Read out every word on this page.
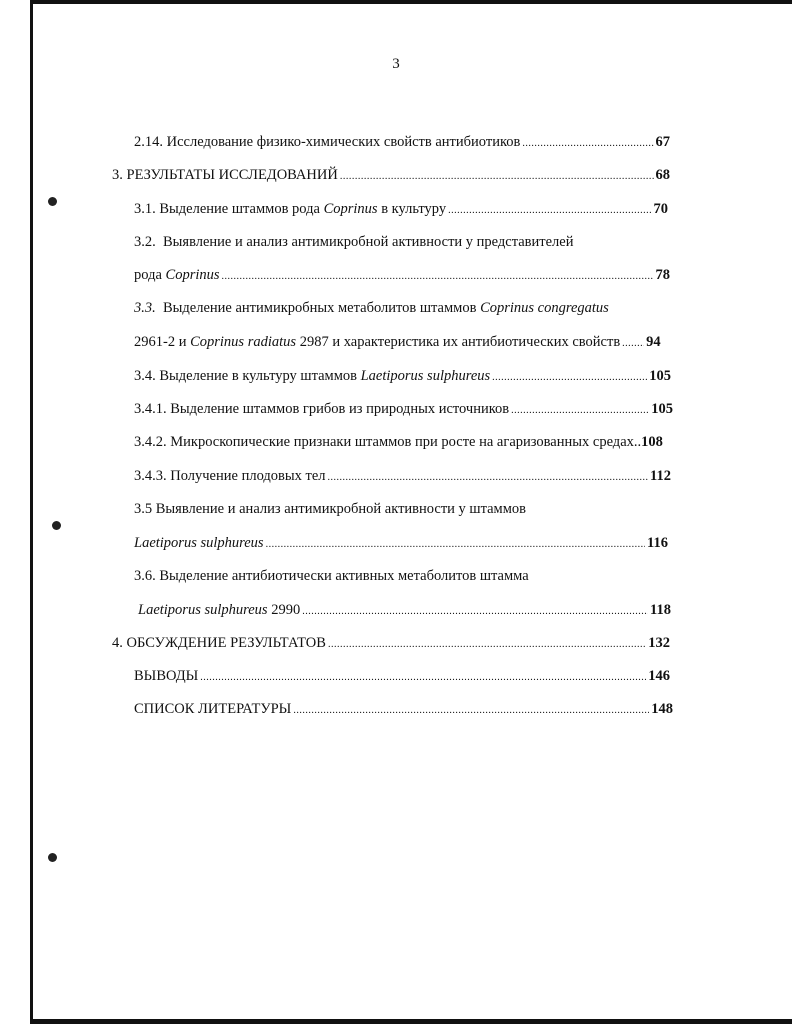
3
2.14. Исследование физико-химических свойств антибиотиков . . .	67
3. РЕЗУЛЬТАТЫ ИССЛЕДОВАНИЙ . . .	68
3.1. Выделение штаммов рода Coprinus в культуру . . .	70
3.2. Выявление и анализ антимикробной активности у представителей
рода Coprinus . . .	78
3.3. Выделение антимикробных метаболитов штаммов Coprinus congregatus
2961-2 и Coprinus radiatus 2987 и характеристика их антибиотических свойств . . . 94
3.4. Выделение в культуру штаммов Laetiporus sulphureus . . .	105
3.4.1. Выделение штаммов грибов из природных источников . . .	105
3.4.2. Микроскопические признаки штаммов при росте на агаризованных средах.. 108
3.4.3. Получение плодовых тел . . .	112
3.5 Выявление и анализ антимикробной активности у штаммов
Laetiporus sulphureus . . .	116
3.6. Выделение антибиотически активных метаболитов штамма
Laetiporus sulphureus 2990 . . .	118
4. ОБСУЖДЕНИЕ РЕЗУЛЬТАТОВ . . .	132
ВЫВОДЫ . . .	146
СПИСОК ЛИТЕРАТУРЫ . . .	148
